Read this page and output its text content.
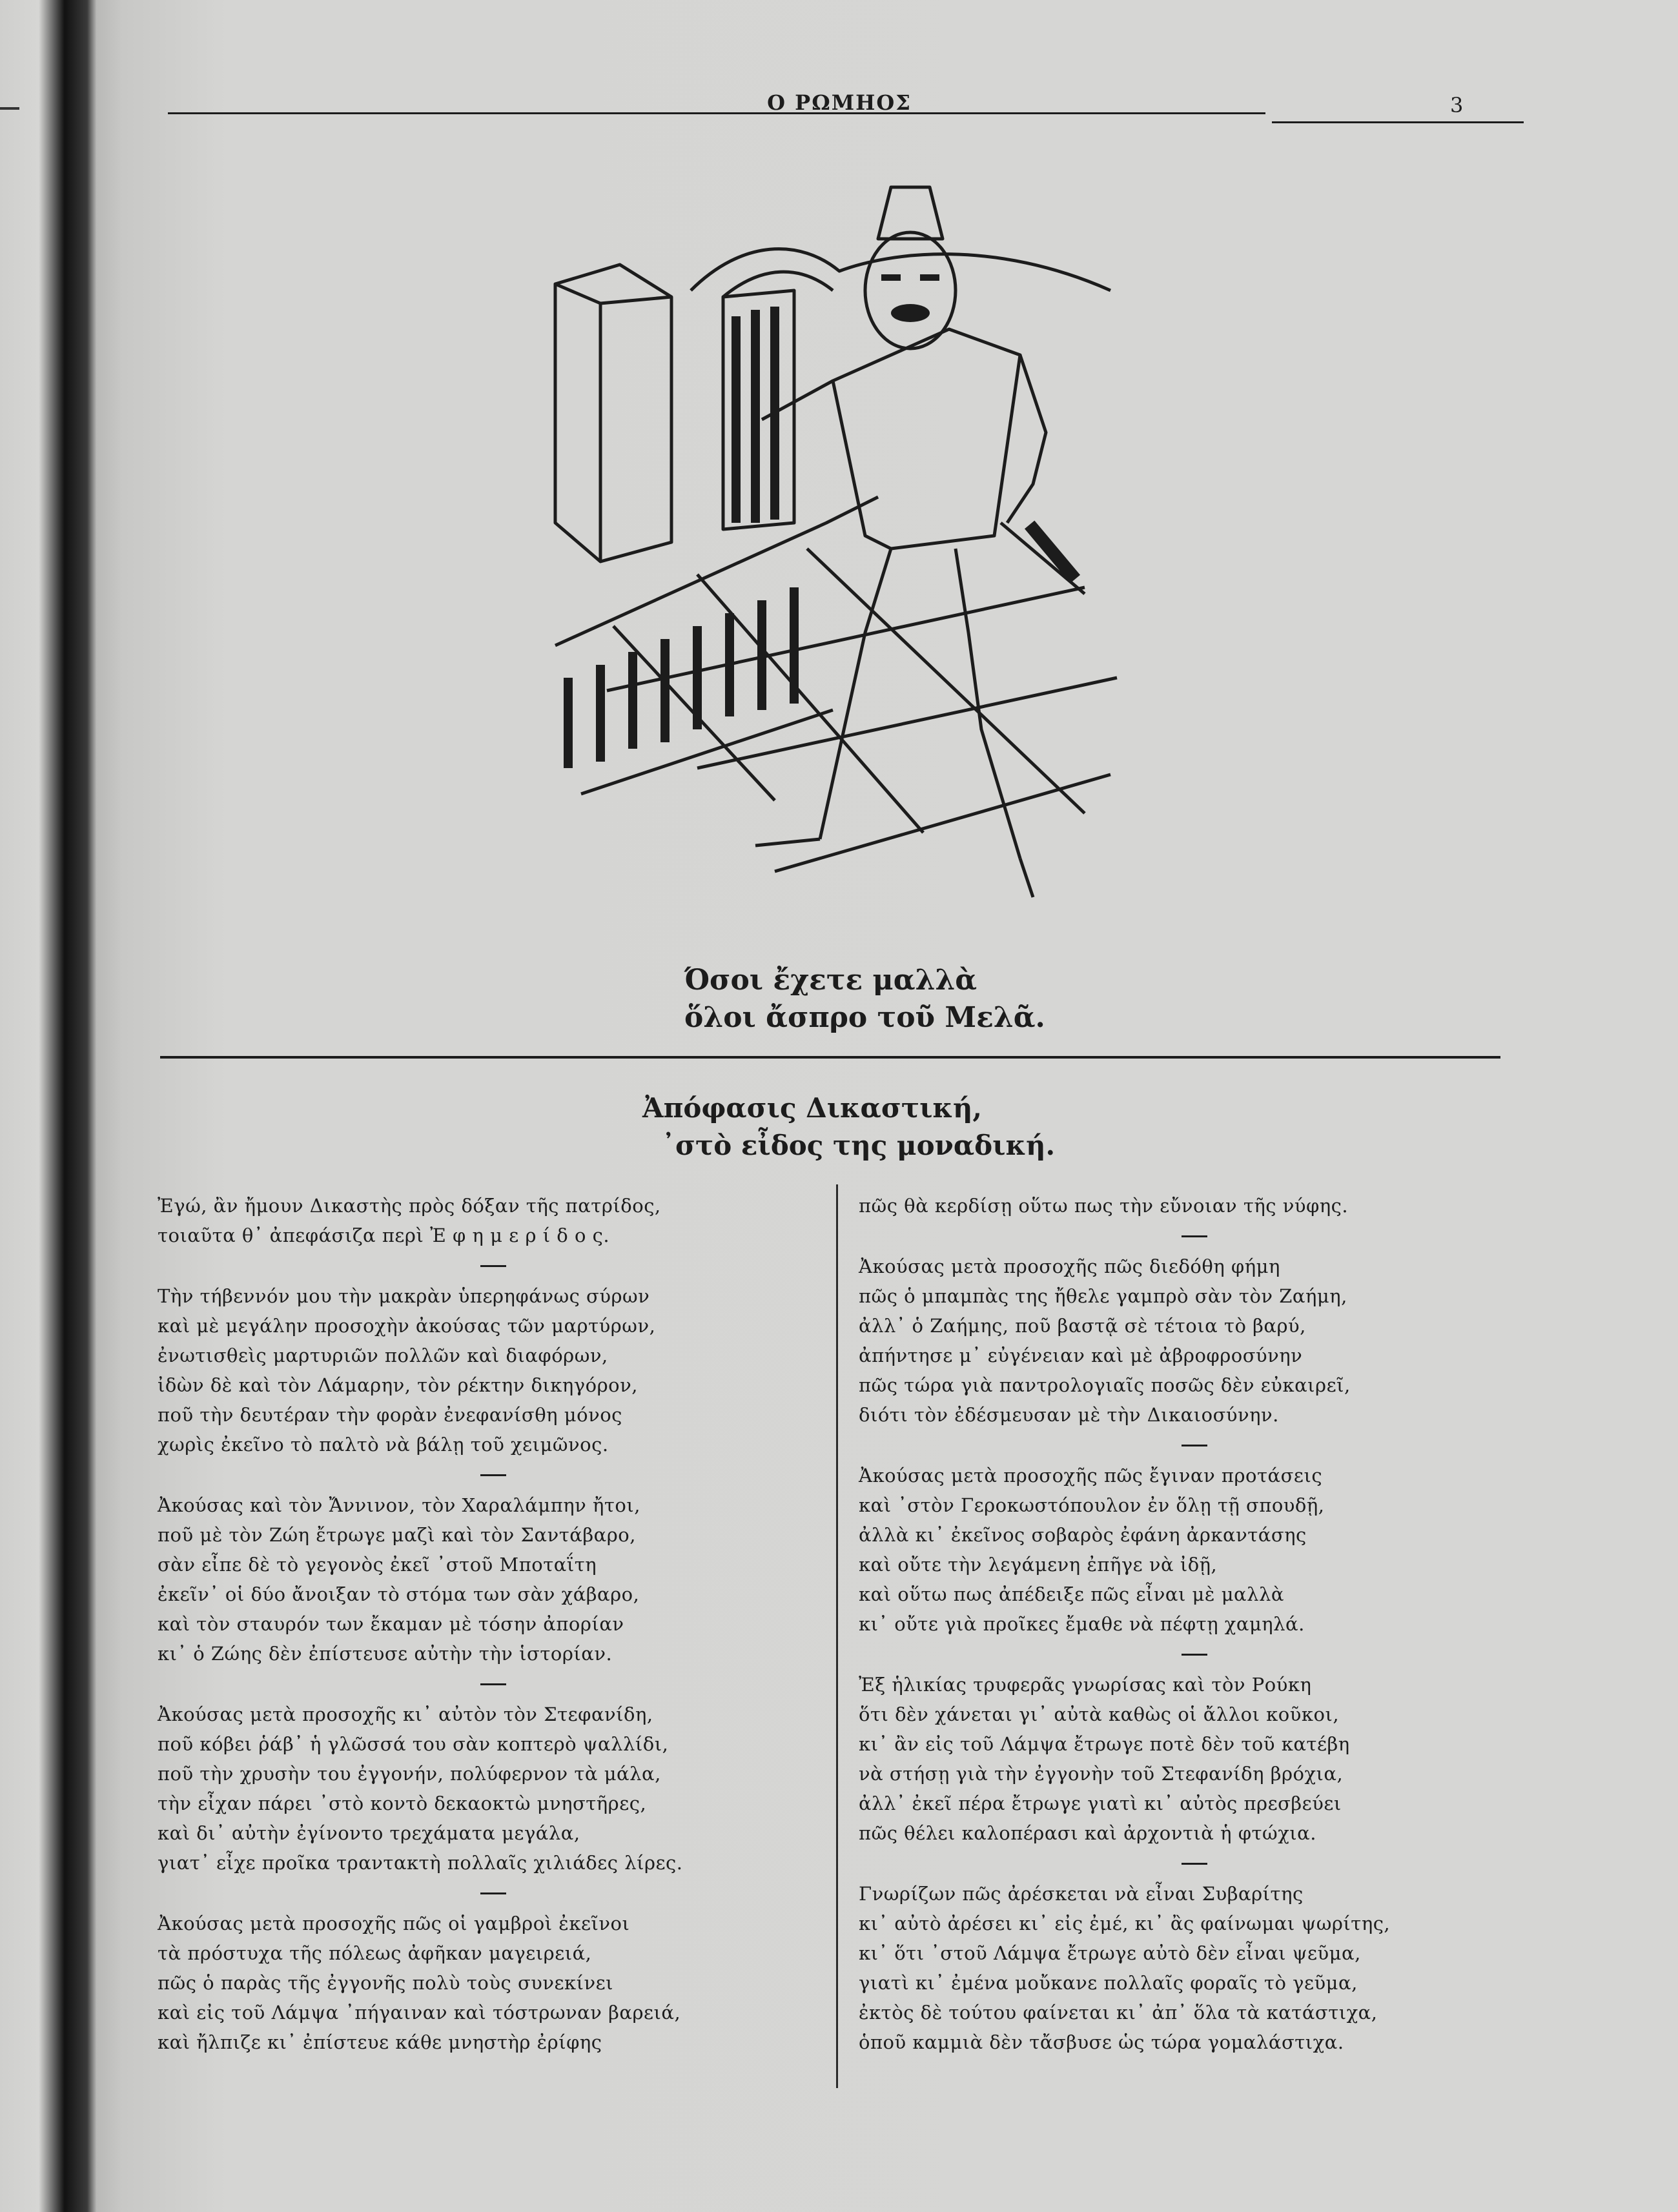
Ο ΡΩΜΗΟΣ	3
Όσοι ἔχετε μαλλὰ
ὅλοι ἄσπρο τοῦ Μελᾶ.
Ἀπόφασις Δικαστική,
᾽στὸ εἶδος της μοναδική.

Ἐγώ, ἂν ἤμουν Δικαστὴς πρὸς δόξαν τῆς πατρίδος,

τοιαῦτα θ᾽ ἀπεφάσιζα περὶ Ἐ φ η μ ε ρ ί δ ο ς.

Τὴν τήβεννόν μου τὴν μακρὰν ὑπερηφάνως σύρων

καὶ μὲ μεγάλην προσοχὴν ἀκούσας τῶν μαρτύρων,

ἐνωτισθεὶς μαρτυριῶν πολλῶν καὶ διαφόρων,

ἰδὼν δὲ καὶ τὸν Λάμαρην, τὸν ρέκτην δικηγόρον,

ποῦ τὴν δευτέραν τὴν φορὰν ἐνεφανίσθη μόνος

χωρὶς ἐκεῖνο τὸ παλτὸ νὰ βάλῃ τοῦ χειμῶνος.

Ἀκούσας καὶ τὸν Ἄννινον, τὸν Χαραλάμπην ἤτοι,

ποῦ μὲ τὸν Ζώη ἔτρωγε μαζὶ καὶ τὸν Σαντάβαρο,

σὰν εἶπε δὲ τὸ γεγονὸς ἐκεῖ ᾽στοῦ Μποταΐτη

ἐκεῖν᾽ οἱ δύο ἄνοιξαν τὸ στόμα των σὰν χάβαρο,

καὶ τὸν σταυρόν των ἔκαμαν μὲ τόσην ἀπορίαν

κι᾽ ὁ Ζώης δὲν ἐπίστευσε αὐτὴν τὴν ἱστορίαν.

Ἀκούσας μετὰ προσοχῆς κι᾽ αὐτὸν τὸν Στεφανίδη,

ποῦ κόβει ῥάβ᾽ ἡ γλῶσσά του σὰν κοπτερὸ ψαλλίδι,

ποῦ τὴν χρυσὴν του ἐγγονήν, πολύφερνον τὰ μάλα,

τὴν εἶχαν πάρει ᾽στὸ κοντὸ δεκαοκτὼ μνηστῆρες,

καὶ δι᾽ αὐτὴν ἐγίνοντο τρεχάματα μεγάλα,

γιατ᾽ εἶχε προῖκα τραντακτὴ πολλαῖς χιλιάδες λίρες.

Ἀκούσας μετὰ προσοχῆς πῶς οἱ γαμβροὶ ἐκεῖνοι

τὰ πρόστυχα τῆς πόλεως ἀφῆκαν μαγειρειά,

πῶς ὁ παρὰς τῆς ἐγγονῆς πολὺ τοὺς συνεκίνει

καὶ εἰς τοῦ Λάμψα ᾽πήγαιναν καὶ τόστρωναν βαρειά,

καὶ ἤλπιζε κι᾽ ἐπίστευε κάθε μνηστὴρ ἐρίφης

πῶς θὰ κερδίσῃ οὕτω πως τὴν εὔνοιαν τῆς νύφης.

Ἀκούσας μετὰ προσοχῆς πῶς διεδόθη φήμη

πῶς ὁ μπαμπὰς της ἤθελε γαμπρὸ σὰν τὸν Ζαήμη,

ἀλλ᾽ ὁ Ζαήμης, ποῦ βαστᾷ σὲ τέτοια τὸ βαρύ,

ἀπήντησε μ᾽ εὐγένειαν καὶ μὲ ἀβροφροσύνην

πῶς τώρα γιὰ παντρολογιαῖς ποσῶς δὲν εὐκαιρεῖ,

διότι τὸν ἐδέσμευσαν μὲ τὴν Δικαιοσύνην.

Ἀκούσας μετὰ προσοχῆς πῶς ἔγιναν προτάσεις

καὶ ᾽στὸν Γεροκωστόπουλον ἐν ὅλῃ τῇ σπουδῇ,

ἀλλὰ κι᾽ ἐκεῖνος σοβαρὸς ἐφάνη ἀρκαντάσης

καὶ οὔτε τὴν λεγάμενη ἐπῆγε νὰ ἰδῇ,

καὶ οὕτω πως ἀπέδειξε πῶς εἶναι μὲ μαλλὰ

κι᾽ οὔτε γιὰ προῖκες ἔμαθε νὰ πέφτῃ χαμηλά.

Ἐξ ἡλικίας τρυφερᾶς γνωρίσας καὶ τὸν Ρούκη

ὅτι δὲν χάνεται γι᾽ αὐτὰ καθὼς οἱ ἄλλοι κοῦκοι,

κι᾽ ἂν εἰς τοῦ Λάμψα ἔτρωγε ποτὲ δὲν τοῦ κατέβη

νὰ στήσῃ γιὰ τὴν ἐγγονὴν τοῦ Στεφανίδη βρόχια,

ἀλλ᾽ ἐκεῖ πέρα ἔτρωγε γιατὶ κι᾽ αὐτὸς πρεσβεύει

πῶς θέλει καλοπέρασι καὶ ἀρχοντιὰ ἡ φτώχια.

Γνωρίζων πῶς ἀρέσκεται νὰ εἶναι Συβαρίτης

κι᾽ αὐτὸ ἀρέσει κι᾽ εἰς ἐμέ, κι᾽ ἂς φαίνωμαι ψωρίτης,

κι᾽ ὅτι ᾽στοῦ Λάμψα ἔτρωγε αὐτὸ δὲν εἶναι ψεῦμα,

γιατὶ κι᾽ ἐμένα μοὔκανε πολλαῖς φοραῖς τὸ γεῦμα,

ἐκτὸς δὲ τούτου φαίνεται κι᾽ ἀπ᾽ ὅλα τὰ κατάστιχα,

ὁποῦ καμμιὰ δὲν τἄσβυσε ὡς τώρα γομαλάστιχα.
